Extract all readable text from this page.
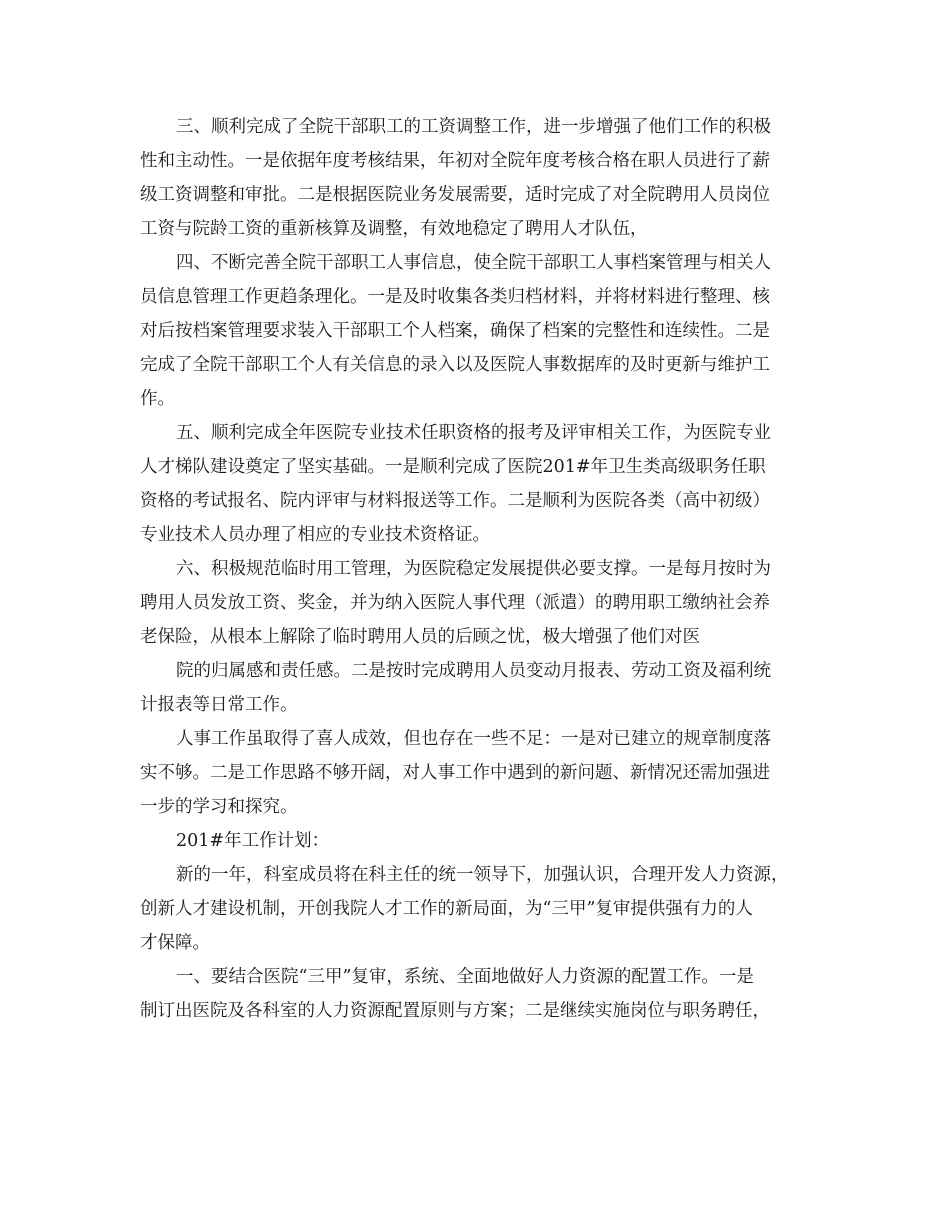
三、顺利完成了全院干部职工的工资调整工作，进一步增强了他们工作的积极
性和主动性。一是依据年度考核结果，年初对全院年度考核合格在职人员进行了薪
级工资调整和审批。二是根据医院业务发展需要，适时完成了对全院聘用人员岗位
工资与院龄工资的重新核算及调整，有效地稳定了聘用人才队伍，
四、不断完善全院干部职工人事信息，使全院干部职工人事档案管理与相关人
员信息管理工作更趋条理化。一是及时收集各类归档材料，并将材料进行整理、核
对后按档案管理要求装入干部职工个人档案，确保了档案的完整性和连续性。二是
完成了全院干部职工个人有关信息的录入以及医院人事数据库的及时更新与维护工
作。
五、顺利完成全年医院专业技术任职资格的报考及评审相关工作，为医院专业
人才梯队建设奠定了坚实基础。一是顺利完成了医院201#年卫生类高级职务任职
资格的考试报名、院内评审与材料报送等工作。二是顺利为医院各类（高中初级）
专业技术人员办理了相应的专业技术资格证。
六、积极规范临时用工管理，为医院稳定发展提供必要支撑。一是每月按时为
聘用人员发放工资、奖金，并为纳入医院人事代理（派遣）的聘用职工缴纳社会养
老保险，从根本上解除了临时聘用人员的后顾之忧，极大增强了他们对医
院的归属感和责任感。二是按时完成聘用人员变动月报表、劳动工资及福利统
计报表等日常工作。
人事工作虽取得了喜人成效，但也存在一些不足：一是对已建立的规章制度落
实不够。二是工作思路不够开阔，对人事工作中遇到的新问题、新情况还需加强进
一步的学习和探究。
201#年工作计划：
新的一年，科室成员将在科主任的统一领导下，加强认识，合理开发人力资源，
创新人才建设机制，开创我院人才工作的新局面，为“三甲”复审提供强有力的人
才保障。
一、要结合医院“三甲”复审，系统、全面地做好人力资源的配置工作。一是
制订出医院及各科室的人力资源配置原则与方案；二是继续实施岗位与职务聘任，
